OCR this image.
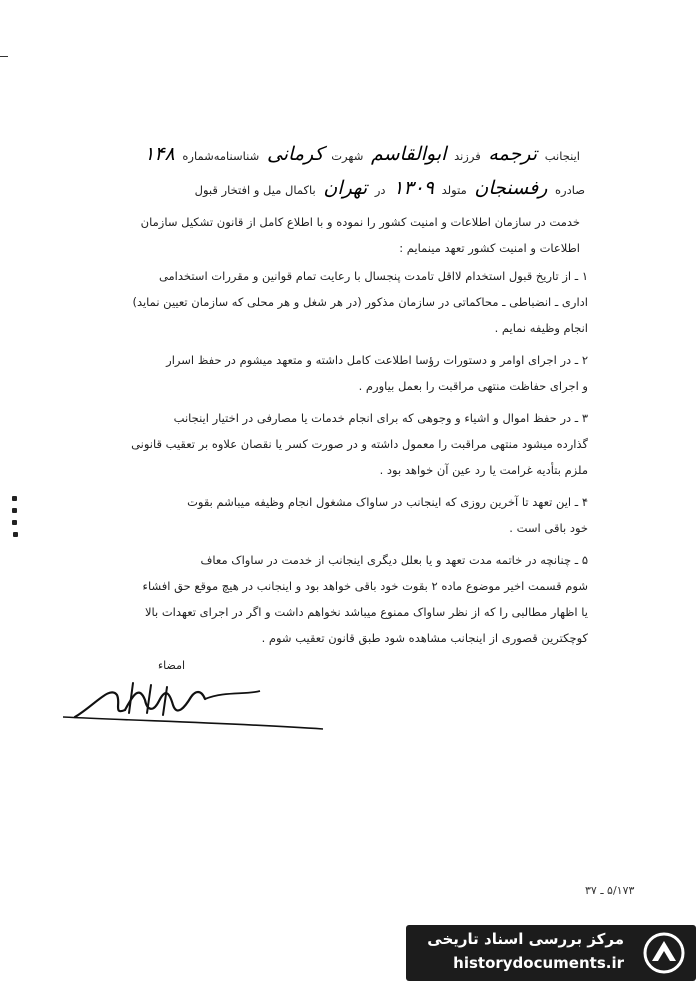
اینجانب ترجمه فرزند ابوالقاسم شهرت کرمانی شناسنامه‌شماره ۱۴۸
صادره رفسنجان متولد ۱۳۰۹ در تهران باکمال میل و افتخار قبول
خدمت در سازمان اطلاعات و امنیت کشور را نموده و با اطلاع کامل از قانون تشکیل سازمان
اطلاعات و امنیت کشور تعهد مینمایم :
۱ ـ از تاریخ قبول استخدام لااقل تامدت پنجسال با رعایت تمام قوانین و مقررات استخدامی
اداری ـ انضباطی ـ محاکماتی در سازمان مذکور (در هر شغل و هر محلی که سازمان تعیین نماید)
انجام وظیفه نمایم .
۲ ـ در اجرای اوامر و دستورات رؤسا اطلاعت کامل داشته و متعهد میشوم در حفظ اسرار
و اجرای حفاظت منتهی مراقبت را بعمل بیاورم .
۳ ـ در حفظ اموال و اشیاء و وجوهی که برای انجام خدمات یا مصارفی در اختیار اینجانب
گذارده میشود منتهی مراقبت را معمول داشته و در صورت کسر یا نقصان علاوه بر تعقیب قانونی
ملزم بتأدیه غرامت یا رد عین آن خواهد بود .
۴ ـ این تعهد تا آخرین روزی که اینجانب در ساواک مشغول انجام وظیفه میباشم بقوت
خود باقی است .
۵ ـ چنانچه در خاتمه مدت تعهد و یا بعلل دیگری اینجانب از خدمت در ساواک معاف
شوم قسمت اخیر موضوع ماده ۲ بقوت خود باقی خواهد بود و اینجانب در هیچ موقع حق افشاء
یا اظهار مطالبی را که از نظر ساواک ممنوع میباشد نخواهم داشت و اگر در اجرای تعهدات بالا
کوچکترین قصوری از اینجانب مشاهده شود طبق قانون تعقیب شوم .
امضاء
۵/۱۷۳ ـ ۳۷
مرکز بررسی اسناد تاریخی
historydocuments.ir
